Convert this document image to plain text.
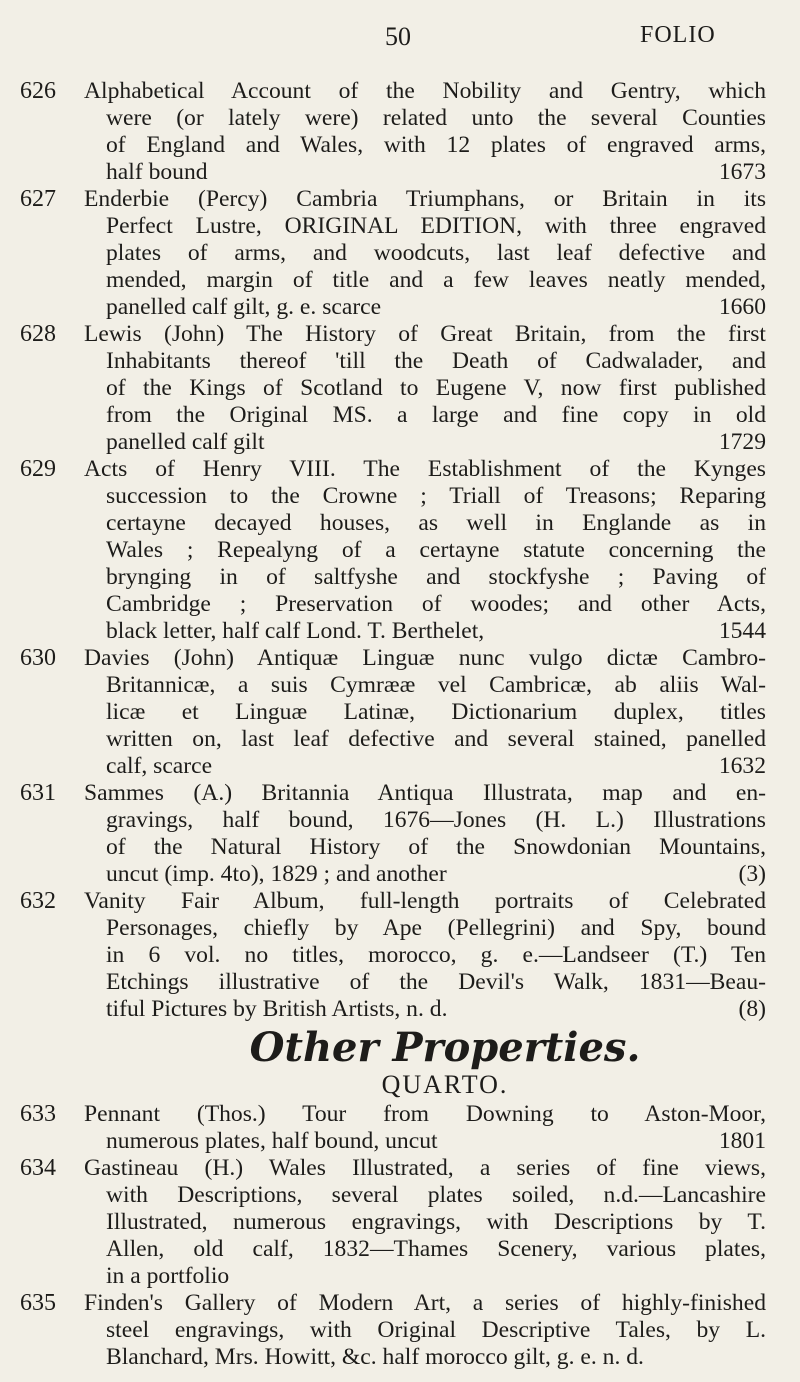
50	FOLIO
626 Alphabetical Account of the Nobility and Gentry, which
were (or lately were) related unto the several Counties
of England and Wales, with 12 plates of engraved arms,
half bound	1673
627 Enderbie (Percy) Cambria Triumphans, or Britain in its
Perfect Lustre, ORIGINAL EDITION, with three engraved
plates of arms, and woodcuts, last leaf defective and
mended, margin of title and a few leaves neatly mended,
panelled calf gilt, g. e. scarce	1660
628 Lewis (John) The History of Great Britain, from the first
Inhabitants thereof 'till the Death of Cadwalader, and
of the Kings of Scotland to Eugene V, now first published
from the Original MS. a large and fine copy in old
panelled calf gilt	1729
629 Acts of Henry VIII. The Establishment of the Kynges
succession to the Crowne ; Triall of Treasons; Reparing
certayne decayed houses, as well in Englande as in
Wales ; Repealyng of a certayne statute concerning the
brynging in of saltfyshe and stockfyshe ; Paving of
Cambridge ; Preservation of woodes; and other Acts,
black letter, half calf Lond. T. Berthelet,	1544
630 Davies (John) Antiquæ Linguæ nunc vulgo dictæ Cambro-
Britannicæ, a suis Cymrææ vel Cambricæ, ab aliis Wal-
licæ et Linguæ Latinæ, Dictionarium duplex, titles
written on, last leaf defective and several stained, panelled
calf, scarce	1632
631 Sammes (A.) Britannia Antiqua Illustrata, map and en-
gravings, half bound, 1676—Jones (H. L.) Illustrations
of the Natural History of the Snowdonian Mountains,
uncut (imp. 4to), 1829 ; and another	(3)
632 Vanity Fair Album, full-length portraits of Celebrated
Personages, chiefly by Ape (Pellegrini) and Spy, bound
in 6 vol. no titles, morocco, g. e.—Landseer (T.) Ten
Etchings illustrative of the Devil's Walk, 1831—Beau-
tiful Pictures by British Artists, n. d.	(8)
Other Properties.
QUARTO.
633 Pennant (Thos.) Tour from Downing to Aston-Moor,
numerous plates, half bound, uncut	1801
634 Gastineau (H.) Wales Illustrated, a series of fine views,
with Descriptions, several plates soiled, n.d.—Lancashire
Illustrated, numerous engravings, with Descriptions by T.
Allen, old calf, 1832—Thames Scenery, various plates,
in a portfolio
635 Finden's Gallery of Modern Art, a series of highly-finished
steel engravings, with Original Descriptive Tales, by L.
Blanchard, Mrs. Howitt, &c. half morocco gilt, g. e. n. d.
